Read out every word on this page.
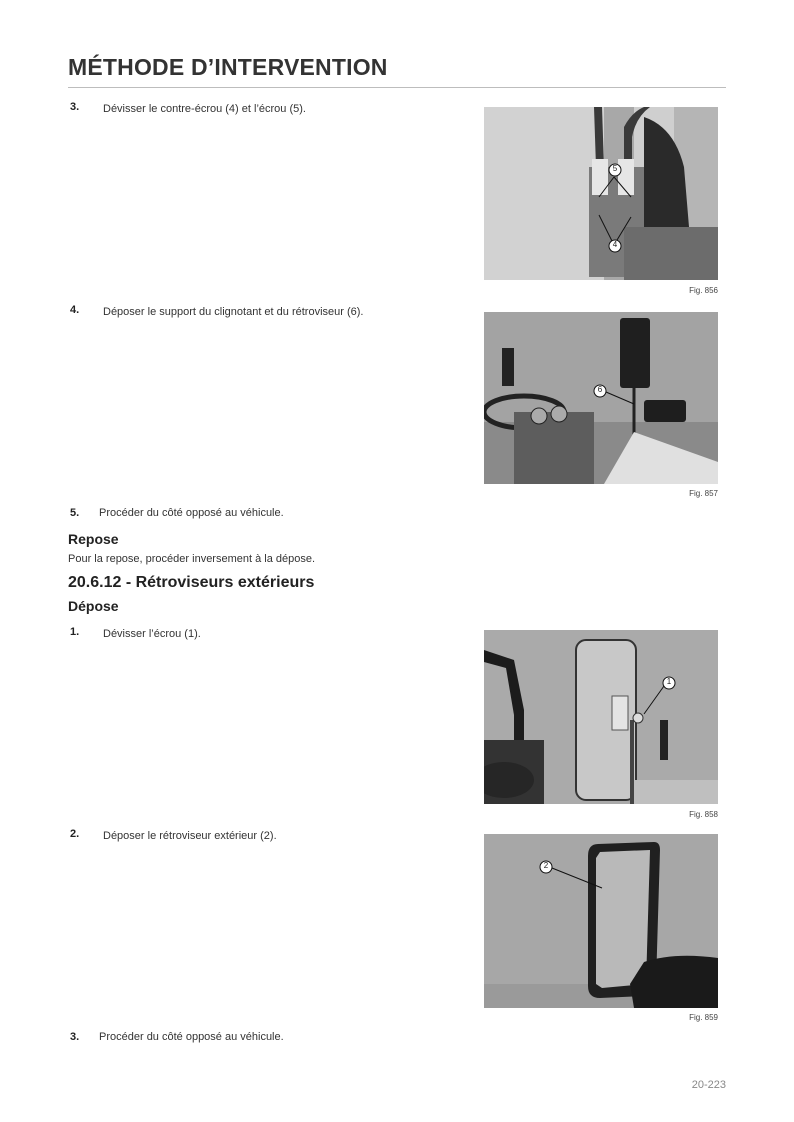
MÉTHODE D’INTERVENTION
3. Dévisser le contre-écrou (4) et l’écrou (5).
5
4
Fig. 856
4. Déposer le support du clignotant et du rétroviseur (6).
6
Fig. 857
5. Procéder du côté opposé au véhicule.
Repose
Pour la repose, procéder inversement à la dépose.
20.6.12 - Rétroviseurs extérieurs
Dépose
1. Dévisser l’écrou (1).
1
Fig. 858
2. Déposer le rétroviseur extérieur (2).
2
Fig. 859
3. Procéder du côté opposé au véhicule.
20-223
